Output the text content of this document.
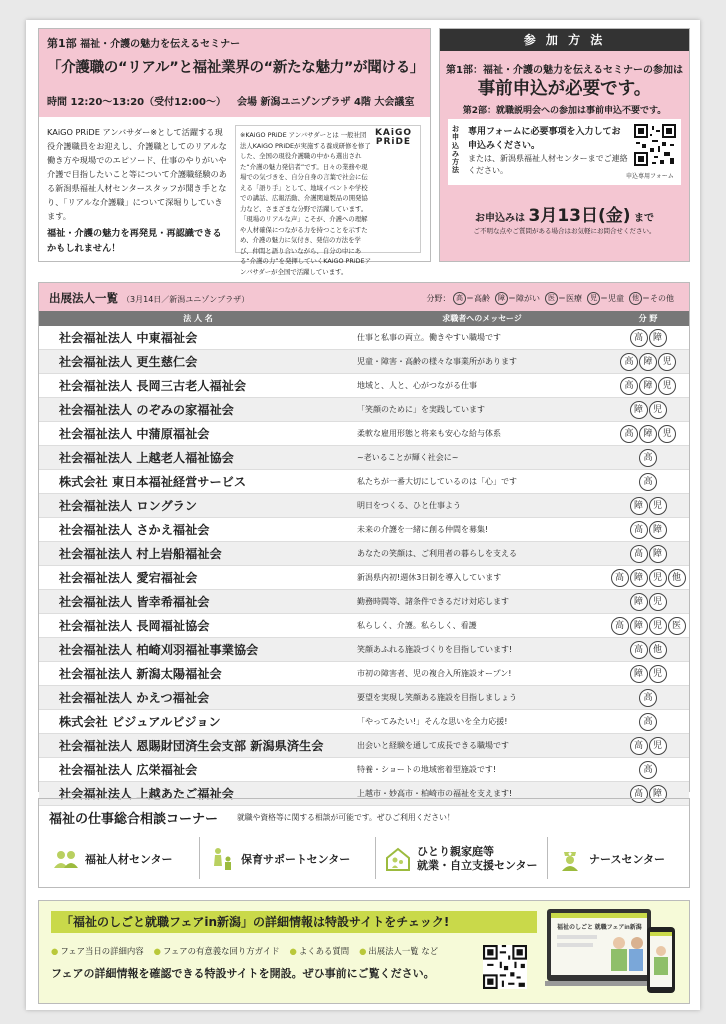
第1部 福祉・介護の魅力を伝えるセミナー
「介護職の“リアル”と福祉業界の“新たな魅力”が聞ける」
時間 12:20〜13:20（受付12:00〜） 会場 新潟ユニゾンプラザ 4階 大会議室
KAiGO PRiDE アンバサダー※として活躍する現役介護職員をお迎えし、介護職としてのリアルな働き方や現場でのエピソード、仕事のやりがいや介護で目指したいこと等について介護職経験のある新潟県福祉人材センタースタッフが聞き手となり、「リアルな介護職」について深堀りしていきます。
福祉・介護の魅力を再発見・再認識できるかもしれません！
KAiGO
PRiDE
※KAiGO PRiDE アンバサダーとは 一般社団法人KAiGO PRiDEが実施する養成研修を修了した、全国の現役介護職の中から選出された“介護の魅力発信者”です。日々の業務や現場での気づきを、自分自身の言葉で社会に伝える「語り手」として、地域イベントや学校での講話、広報活動、介護関連製品の開発協力など、さまざまな分野で活躍しています。「現場のリアルな声」こそが、介護への理解や人材確保につながる力を持つことを示すため、介護の魅力に気付き、発信の方法を学び、仲間と語り合いながら、自分の中にある“介護の力”を発揮していくKAiGO PRiDEアンバサダーが全国で活躍しています。
参 加 方 法
第1部：福祉・介護の魅力を伝えるセミナーの参加は
事前申込が必要です。
第2部：就職説明会への参加は事前申込不要です。
お申込み方法
専用フォームに必要事項を入力してお申込みください。
または、新潟県福祉人材センターまでご連絡ください。
申込専用フォーム
お申込みは 3月13日(金) まで
ご不明な点やご質問がある場合はお気軽にお問合せください。
出展法人一覧 （3月14日／新潟ユニゾンプラザ）	分野： 高 ＝高齢 障 ＝障がい 医 ＝医療 児 ＝児童 他 ＝その他
法 人 名	求職者へのメッセージ	分 野
社会福祉法人 中東福祉会	仕事と私事の両立。働きやすい職場です	高	障
社会福祉法人 更生慈仁会	児童・障害・高齢の様々な事業所があります	高	障	児
社会福祉法人 長岡三古老人福祉会	地域と、人と、心がつながる仕事	高	障	児
社会福祉法人 のぞみの家福祉会	「笑顔のために」を実践しています	障	児
社会福祉法人 中蒲原福祉会	柔軟な雇用形態と将来も安心な給与体系	高	障	児
社会福祉法人 上越老人福祉協会	~老いることが輝く社会に~	高
株式会社 東日本福祉経営サービス	私たちが一番大切にしているのは「心」です	高
社会福祉法人 ロングラン	明日をつくる、ひと仕事よう	障	児
社会福祉法人 さかえ福祉会	未来の介護を一緒に創る仲間を募集!	高	障
社会福祉法人 村上岩船福祉会	あなたの笑顔は、ご利用者の暮らしを支える	高	障
社会福祉法人 愛宕福祉会	新潟県内初!週休3日制を導入しています	高	障	児	他
社会福祉法人 皆幸希福祉会	勤務時間等、諸条件できるだけ対応します	障	児
社会福祉法人 長岡福祉協会	私らしく、介護。私らしく、看護	高	障	児	医
社会福祉法人 柏崎刈羽福祉事業協会	笑顔あふれる施設づくりを目指しています!	高	他
社会福祉法人 新潟太陽福祉会	市初の障害者、児の複合入所施設オープン!	障	児
社会福祉法人 かえつ福祉会	要望を実現し笑顔ある施設を目指しましょう	高
株式会社 ビジュアルビジョン	「やってみたい!」そんな思いを全力応援!	高
社会福祉法人 恩賜財団済生会支部 新潟県済生会	出会いと経験を通して成長できる職場です	高	児
社会福祉法人 広栄福祉会	特養・ショートの地域密着型施設です!	高
社会福祉法人 上越あたご福祉会	上越市・妙高市・柏崎市の福祉を支えます!	高	障
福祉の仕事総合相談コーナー 就職や資格等に関する相談が可能です。ぜひご利用ください！
福祉人材センター	保育サポートセンター
ひとり親家庭等
就業・自立支援センター	ナースセンター
「福祉のしごと就職フェアin新潟」の詳細情報は特設サイトをチェック!
● フェア当日の詳細内容	● フェアの有意義な回り方ガイド	● よくある質問	● 出展法人一覧 など
フェアの詳細情報を確認できる特設サイトを開設。ぜひ事前にご覧ください。
福祉のしごと 就職フェアin新潟
